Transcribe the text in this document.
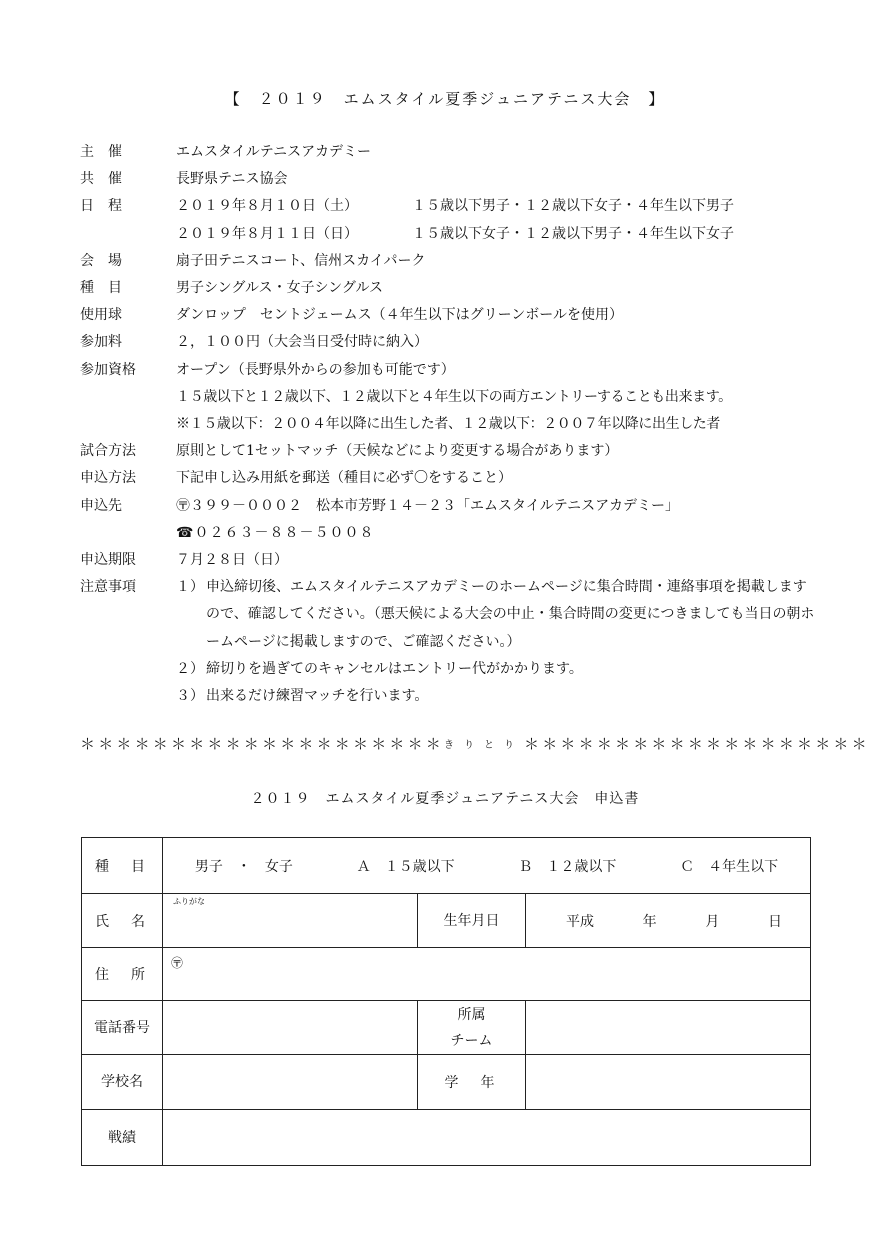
【　２０１９　エムスタイル夏季ジュニアテニス大会　】
主　催	エムスタイルテニスアカデミー
共　催	長野県テニス協会
日　程	２０１９年８月１０日（土）	１５歳以下男子・１２歳以下女子・４年生以下男子
２０１９年８月１１日（日）	１５歳以下女子・１２歳以下男子・４年生以下女子
会　場	扇子田テニスコート、信州スカイパーク
種　目	男子シングルス・女子シングルス
使用球	ダンロップ　セントジェームス（４年生以下はグリーンボールを使用）
参加料	２，１００円（大会当日受付時に納入）
参加資格	オープン（長野県外からの参加も可能です）
１５歳以下と１２歳以下、１２歳以下と４年生以下の両方エントリーすることも出来ます。
※１５歳以下：２００４年以降に出生した者、１２歳以下：２００７年以降に出生した者
試合方法	原則として1セットマッチ（天候などにより変更する場合があります）
申込方法	下記申し込み用紙を郵送（種目に必ず〇をすること）
申込先	〶３９９－０００２　松本市芳野１４－２３「エムスタイルテニスアカデミー」
☎０２６３－８８－５００８
申込期限	７月２８日（日）
注意事項	１） 申込締切後、エムスタイルテニスアカデミーのホームページに集合時間・連絡事項を掲載しますので、確認してください。（悪天候による大会の中止・集合時間の変更につきましても当日の朝ホームページに掲載しますので、ご確認ください。）
２） 締切りを過ぎてのキャンセルはエントリー代がかかります。
３） 出来るだけ練習マッチを行います。
＊＊＊＊＊＊＊＊＊＊＊＊＊＊＊＊＊＊＊＊ きりとり ＊＊＊＊＊＊＊＊＊＊＊＊＊＊＊＊＊＊＊
２０１９　エムスタイル夏季ジュニアテニス大会　申込書
種　目	男子　・　女子 Ａ　１５歳以下 Ｂ　１２歳以下 Ｃ　４年生以下		

氏　名	ふりがな	生年月日	平成 年 月 日

住　所	〶		

電話番号		所属
チーム	

学校名		学　年	
戦績			
